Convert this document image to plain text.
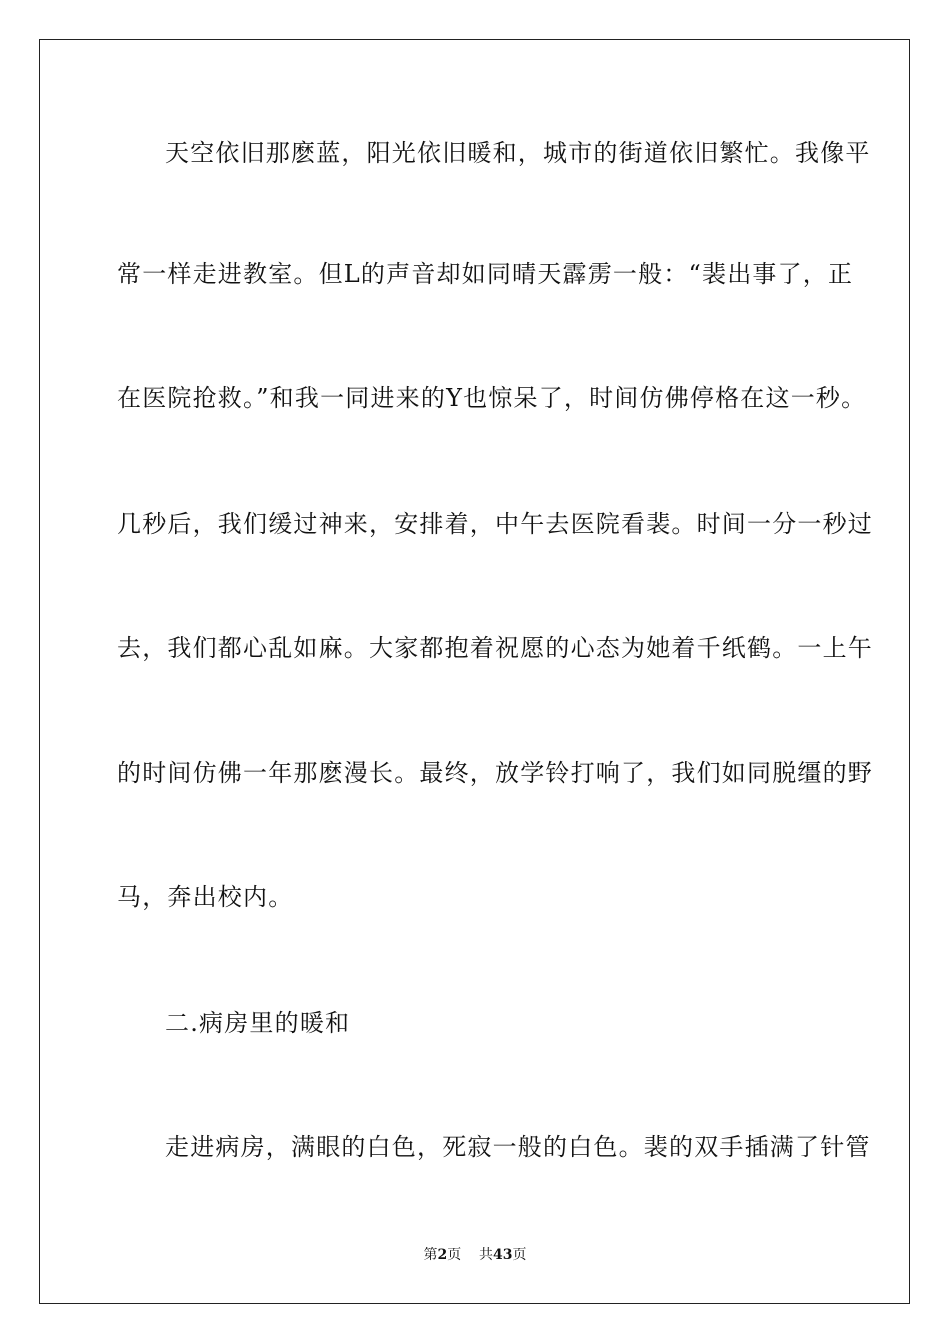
天空依旧那麽蓝，阳光依旧暖和，城市的街道依旧繁忙。我像平
常一样走进教室。但L的声音却如同晴天霹雳一般：“裴出事了，正
在医院抢救。”和我一同进来的Y也惊呆了，时间仿佛停格在这一秒。
几秒后，我们缓过神来，安排着，中午去医院看裴。时间一分一秒过
去，我们都心乱如麻。大家都抱着祝愿的心态为她着千纸鹤。一上午
的时间仿佛一年那麽漫长。最终，放学铃打响了，我们如同脱缰的野
马，奔出校内。
二.病房里的暖和
走进病房，满眼的白色，死寂一般的白色。裴的双手插满了针管
第2页 共43页
